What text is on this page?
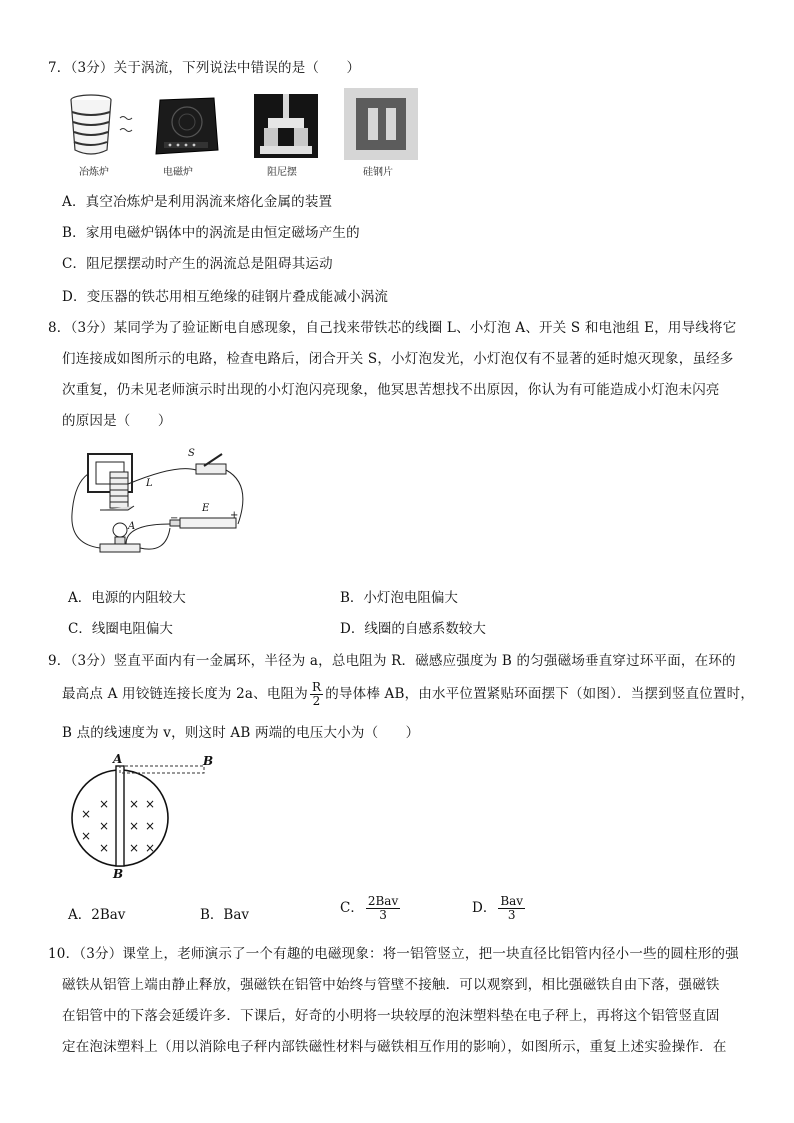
7．（3分）关于涡流，下列说法中错误的是（　　）
冶炼炉	电磁炉	阻尼摆	硅钢片
A．真空冶炼炉是利用涡流来熔化金属的装置
B．家用电磁炉锅体中的涡流是由恒定磁场产生的
C．阻尼摆摆动时产生的涡流总是阻碍其运动
D．变压器的铁芯用相互绝缘的硅钢片叠成能减小涡流
8．（3分）某同学为了验证断电自感现象，自己找来带铁芯的线圈 L、小灯泡 A、开关 S 和电池组 E，用导线将它
们连接成如图所示的电路，检查电路后，闭合开关 S，小灯泡发光，小灯泡仅有不显著的延时熄灭现象，虽经多
次重复，仍未见老师演示时出现的小灯泡闪亮现象，他冥思苦想找不出原因，你认为有可能造成小灯泡未闪亮
的原因是（　　）
S
L
E
−	+
A
A．电源的内阻较大	B．小灯泡电阻偏大
C．线圈电阻偏大	D．线圈的自感系数较大
9．（3分）竖直平面内有一金属环，半径为 a，总电阻为 R．磁感应强度为 B 的匀强磁场垂直穿过环平面，在环的
最高点 A 用铰链连接长度为 2a、电阻为 $\frac{R}{2}$ 的导体棒 AB，由水平位置紧贴环面摆下（如图）．当摆到竖直位置时，
B 点的线速度为 v，则这时 AB 两端的电压大小为（　　）
×
×
×
×
×
× ×
× ×
× ×
A	B
B
A．2Bav	B．Bav	C． $\frac{\text{2Bav}}{3}$	D． $\frac{\text{Bav}}{3}$
10．（3分）课堂上，老师演示了一个有趣的电磁现象：将一铝管竖立，把一块直径比铝管内径小一些的圆柱形的强
磁铁从铝管上端由静止释放，强磁铁在铝管中始终与管壁不接触．可以观察到，相比强磁铁自由下落，强磁铁
在铝管中的下落会延缓许多．下课后，好奇的小明将一块较厚的泡沫塑料垫在电子秤上，再将这个铝管竖直固
定在泡沫塑料上（用以消除电子秤内部铁磁性材料与磁铁相互作用的影响），如图所示，重复上述实验操作．在
